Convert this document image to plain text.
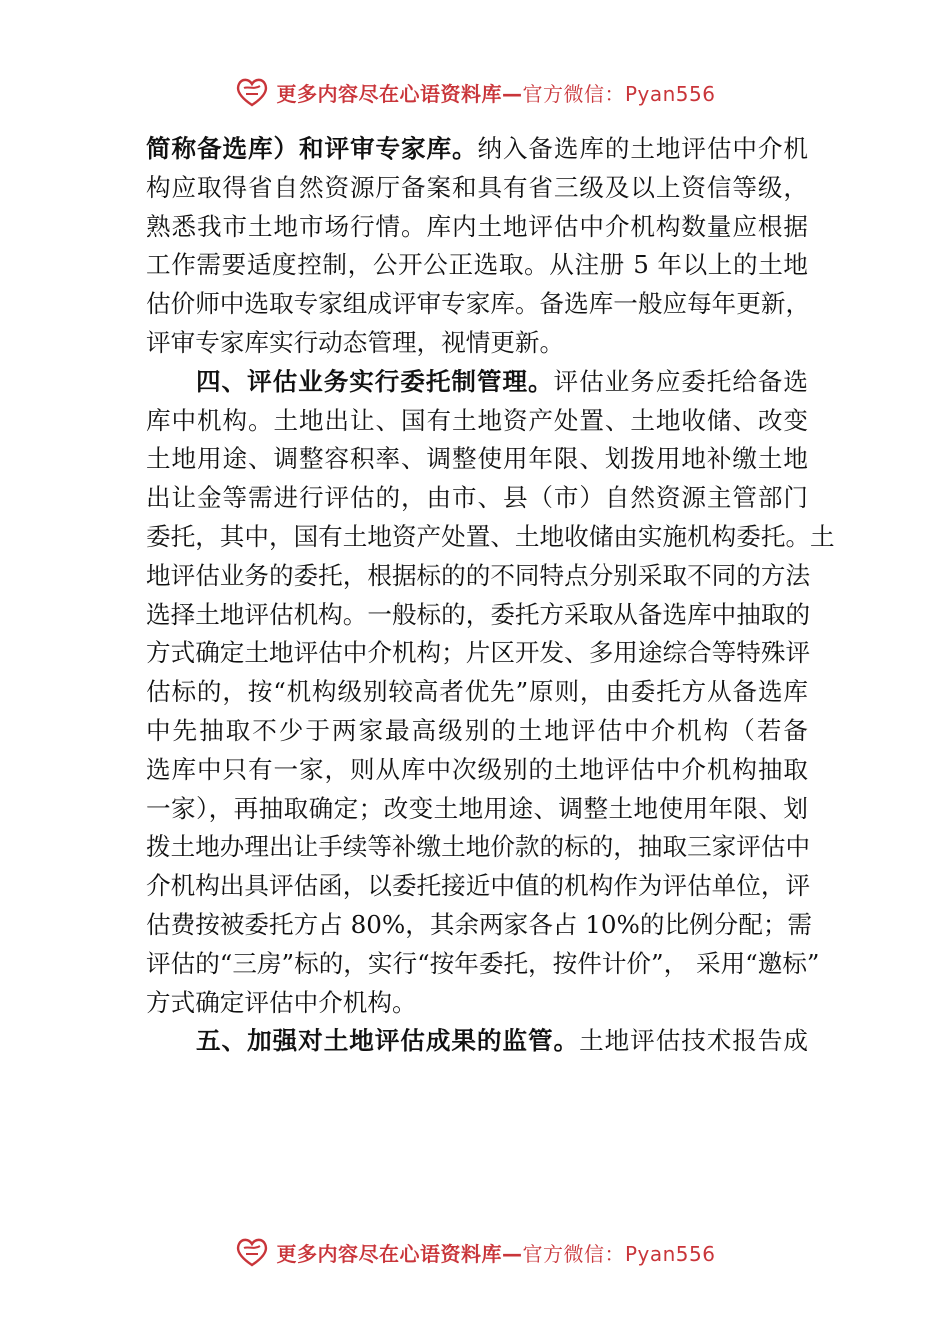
更多内容尽在心语资料库—官方微信：Pyan556
简称备选库）和评审专家库。纳入备选库的土地评估中介机
构应取得省自然资源厅备案和具有省三级及以上资信等级，
熟悉我市土地市场行情。库内土地评估中介机构数量应根据
工作需要适度控制，公开公正选取。从注册 5 年以上的土地
估价师中选取专家组成评审专家库。备选库一般应每年更新，
评审专家库实行动态管理，视情更新。
四、评估业务实行委托制管理。评估业务应委托给备选
库中机构。土地出让、国有土地资产处置、土地收储、改变
土地用途、调整容积率、调整使用年限、划拨用地补缴土地
出让金等需进行评估的，由市、县（市）自然资源主管部门
委托，其中，国有土地资产处置、土地收储由实施机构委托。土
地评估业务的委托，根据标的的不同特点分别采取不同的方法
选择土地评估机构。一般标的，委托方采取从备选库中抽取的
方式确定土地评估中介机构；片区开发、多用途综合等特殊评
估标的，按“机构级别较高者优先”原则，由委托方从备选库
中先抽取不少于两家最高级别的土地评估中介机构（若备
选库中只有一家，则从库中次级别的土地评估中介机构抽取
一家），再抽取确定；改变土地用途、调整土地使用年限、划
拨土地办理出让手续等补缴土地价款的标的，抽取三家评估中
介机构出具评估函，以委托接近中值的机构作为评估单位，评
估费按被委托方占 80%，其余两家各占 10%的比例分配；需
评估的“三房”标的，实行“按年委托，按件计价”， 采用“邀标”
方式确定评估中介机构。
五、加强对土地评估成果的监管。土地评估技术报告成
更多内容尽在心语资料库—官方微信：Pyan556
